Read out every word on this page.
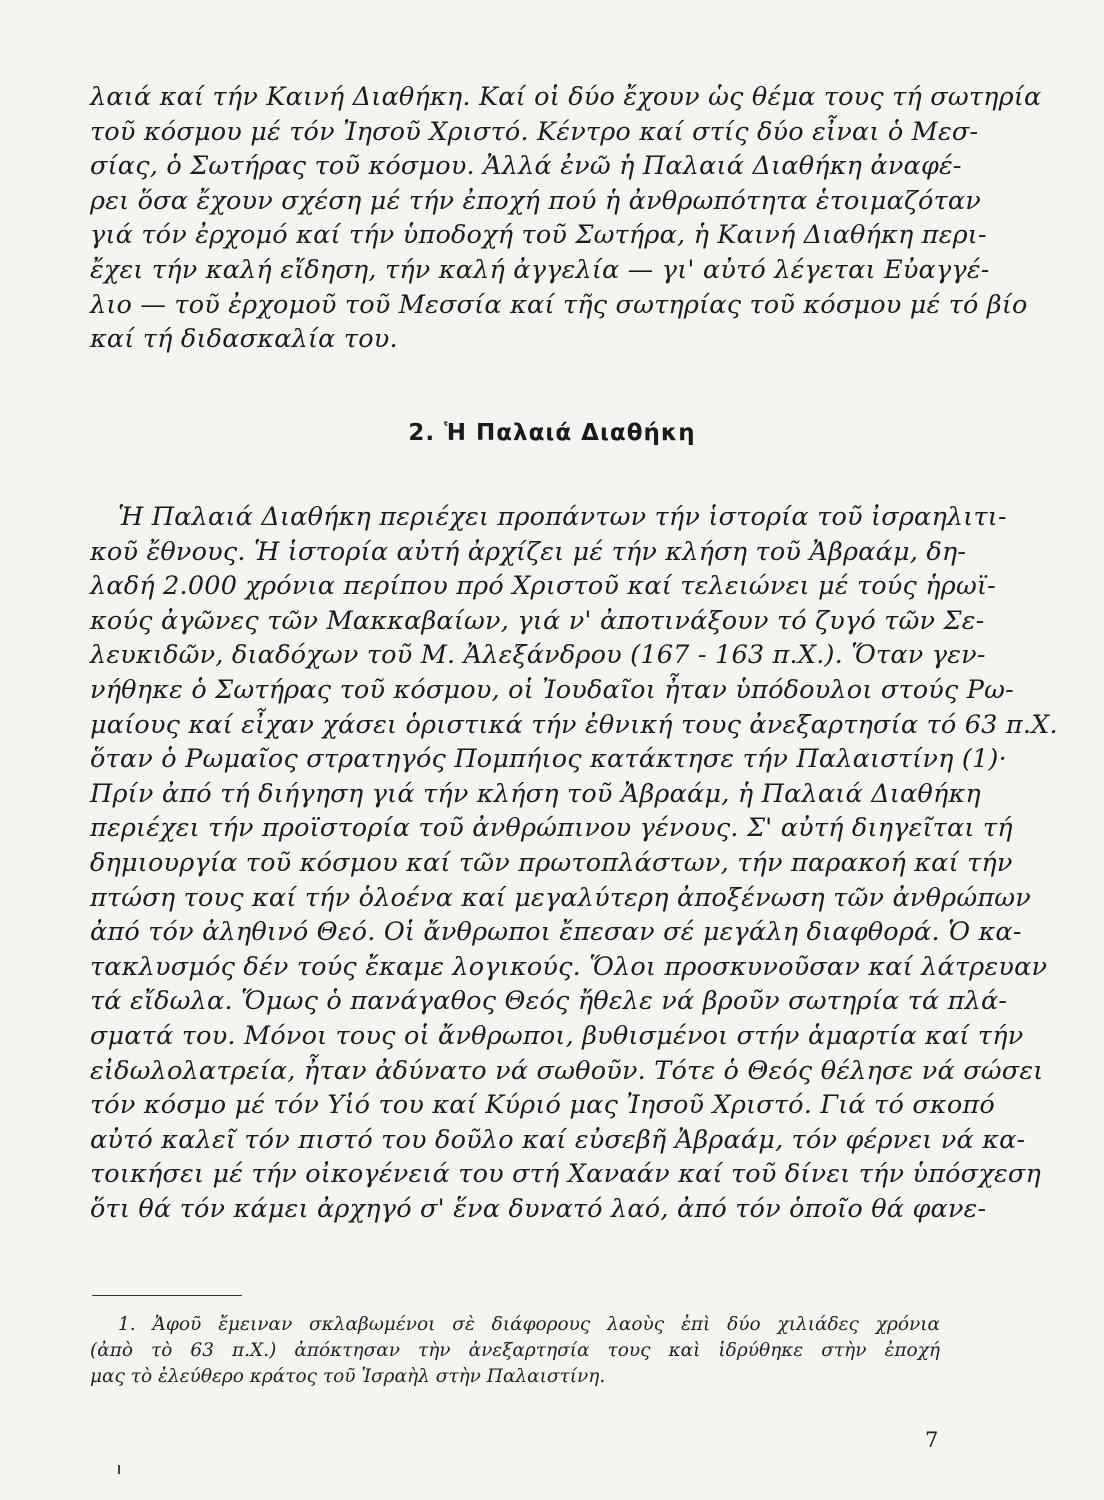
λαιά καί τήν Καινή Διαθήκη. Καί οἱ δύο ἔχουν ὡς θέμα τους τή σωτηρία
τοῦ κόσμου μέ τόν Ἰησοῦ Χριστό. Κέντρο καί στίς δύο εἶναι ὁ Μεσ-
σίας, ὁ Σωτήρας τοῦ κόσμου. Ἀλλά ἐνῶ ἡ Παλαιά Διαθήκη ἀναφέ-
ρει ὅσα ἔχουν σχέση μέ τήν ἐποχή πού ἡ ἀνθρωπότητα ἑτοιμαζόταν
γιά τόν ἐρχομό καί τήν ὑποδοχή τοῦ Σωτήρα, ἡ Καινή Διαθήκη περι-
ἔχει τήν καλή εἴδηση, τήν καλή ἀγγελία — γι' αὐτό λέγεται Εὐαγγέ-
λιο — τοῦ ἐρχομοῦ τοῦ Μεσσία καί τῆς σωτηρίας τοῦ κόσμου μέ τό βίο
καί τή διδασκαλία του.
2. Ἡ Παλαιά Διαθήκη
Ἡ Παλαιά Διαθήκη περιέχει προπάντων τήν ἱστορία τοῦ ἰσραηλιτι-
κοῦ ἔθνους. Ἡ ἱστορία αὐτή ἀρχίζει μέ τήν κλήση τοῦ Ἀβραάμ, δη-
λαδή 2.000 χρόνια περίπου πρό Χριστοῦ καί τελειώνει μέ τούς ἡρωϊ-
κούς ἀγῶνες τῶν Μακκαβαίων, γιά ν' ἀποτινάξουν τό ζυγό τῶν Σε-
λευκιδῶν, διαδόχων τοῦ Μ. Ἀλεξάνδρου (167 - 163 π.Χ.). Ὅταν γεν-
νήθηκε ὁ Σωτήρας τοῦ κόσμου, οἱ Ἰουδαῖοι ἦταν ὑπόδουλοι στούς Ρω-
μαίους καί εἶχαν χάσει ὁριστικά τήν ἐθνική τους ἀνεξαρτησία τό 63 π.Χ.
ὅταν ὁ Ρωμαῖος στρατηγός Πομπήιος κατάκτησε τήν Παλαιστίνη (1)·
Πρίν ἀπό τή διήγηση γιά τήν κλήση τοῦ Ἀβραάμ, ἡ Παλαιά Διαθήκη
περιέχει τήν προϊστορία τοῦ ἀνθρώπινου γένους. Σ' αὐτή διηγεῖται τή
δημιουργία τοῦ κόσμου καί τῶν πρωτοπλάστων, τήν παρακοή καί τήν
πτώση τους καί τήν ὁλοένα καί μεγαλύτερη ἀποξένωση τῶν ἀνθρώπων
ἀπό τόν ἀληθινό Θεό. Οἱ ἄνθρωποι ἔπεσαν σέ μεγάλη διαφθορά. Ὁ κα-
τακλυσμός δέν τούς ἔκαμε λογικούς. Ὅλοι προσκυνοῦσαν καί λάτρευαν
τά εἴδωλα. Ὅμως ὁ πανάγαθος Θεός ἤθελε νά βροῦν σωτηρία τά πλά-
σματά του. Μόνοι τους οἱ ἄνθρωποι, βυθισμένοι στήν ἁμαρτία καί τήν
εἰδωλολατρεία, ἦταν ἀδύνατο νά σωθοῦν. Τότε ὁ Θεός θέλησε νά σώσει
τόν κόσμο μέ τόν Υἱό του καί Κύριό μας Ἰησοῦ Χριστό. Γιά τό σκοπό
αὐτό καλεῖ τόν πιστό του δοῦλο καί εὐσεβῆ Ἀβραάμ, τόν φέρνει νά κα-
τοικήσει μέ τήν οἰκογένειά του στή Χαναάν καί τοῦ δίνει τήν ὑπόσχεση
ὅτι θά τόν κάμει ἀρχηγό σ' ἕνα δυνατό λαό, ἀπό τόν ὁποῖο θά φανε-
1. Ἀφοῦ ἔμειναν σκλαβωμένοι σὲ διάφορους λαοὺς ἐπὶ δύο χιλιάδες χρόνια
(ἀπὸ τὸ 63 π.Χ.) ἀπόκτησαν τὴν ἀνεξαρτησία τους καὶ ἱδρύθηκε στὴν ἐποχή
μας τὸ ἐλεύθερο κράτος τοῦ Ἰσραὴλ στὴν Παλαιστίνη.
7
